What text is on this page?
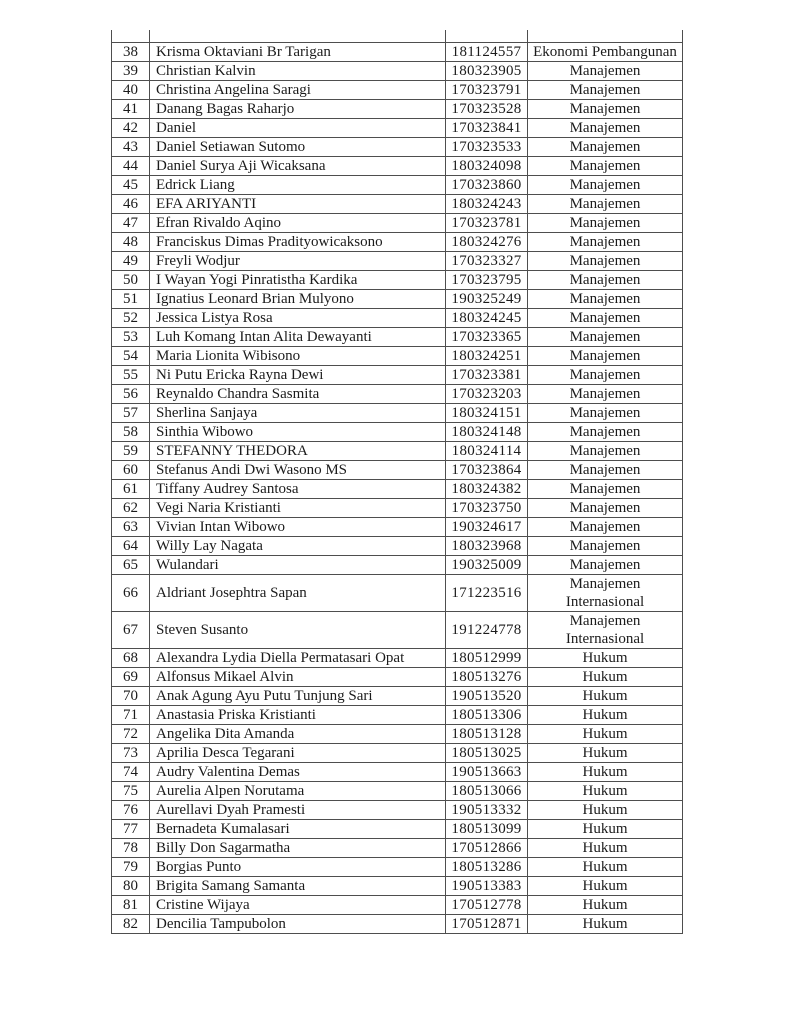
38	Krisma Oktaviani Br Tarigan	181124557	Ekonomi Pembangunan
39	Christian Kalvin	180323905	Manajemen
40	Christina Angelina Saragi	170323791	Manajemen
41	Danang Bagas Raharjo	170323528	Manajemen
42	Daniel	170323841	Manajemen
43	Daniel Setiawan Sutomo	170323533	Manajemen
44	Daniel Surya Aji Wicaksana	180324098	Manajemen
45	Edrick Liang	170323860	Manajemen
46	EFA ARIYANTI	180324243	Manajemen
47	Efran Rivaldo Aqino	170323781	Manajemen
48	Franciskus Dimas Pradityowicaksono	180324276	Manajemen
49	Freyli Wodjur	170323327	Manajemen
50	I Wayan Yogi Pinratistha Kardika	170323795	Manajemen
51	Ignatius Leonard Brian Mulyono	190325249	Manajemen
52	Jessica Listya Rosa	180324245	Manajemen
53	Luh Komang Intan Alita Dewayanti	170323365	Manajemen
54	Maria Lionita Wibisono	180324251	Manajemen
55	Ni Putu Ericka Rayna Dewi	170323381	Manajemen
56	Reynaldo Chandra Sasmita	170323203	Manajemen
57	Sherlina Sanjaya	180324151	Manajemen
58	Sinthia Wibowo	180324148	Manajemen
59	STEFANNY THEDORA	180324114	Manajemen
60	Stefanus Andi Dwi Wasono MS	170323864	Manajemen
61	Tiffany Audrey Santosa	180324382	Manajemen
62	Vegi Naria Kristianti	170323750	Manajemen
63	Vivian Intan Wibowo	190324617	Manajemen
64	Willy Lay Nagata	180323968	Manajemen
65	Wulandari	190325009	Manajemen
66	Aldriant Josephtra Sapan	171223516	Manajemen Internasional
67	Steven Susanto	191224778	Manajemen Internasional
68	Alexandra Lydia Diella Permatasari Opat	180512999	Hukum
69	Alfonsus Mikael Alvin	180513276	Hukum
70	Anak Agung Ayu Putu Tunjung Sari	190513520	Hukum
71	Anastasia Priska Kristianti	180513306	Hukum
72	Angelika Dita Amanda	180513128	Hukum
73	Aprilia Desca Tegarani	180513025	Hukum
74	Audry Valentina Demas	190513663	Hukum
75	Aurelia Alpen Norutama	180513066	Hukum
76	Aurellavi Dyah Pramesti	190513332	Hukum
77	Bernadeta Kumalasari	180513099	Hukum
78	Billy Don Sagarmatha	170512866	Hukum
79	Borgias Punto	180513286	Hukum
80	Brigita Samang Samanta	190513383	Hukum
81	Cristine Wijaya	170512778	Hukum
82	Dencilia Tampubolon	170512871	Hukum
